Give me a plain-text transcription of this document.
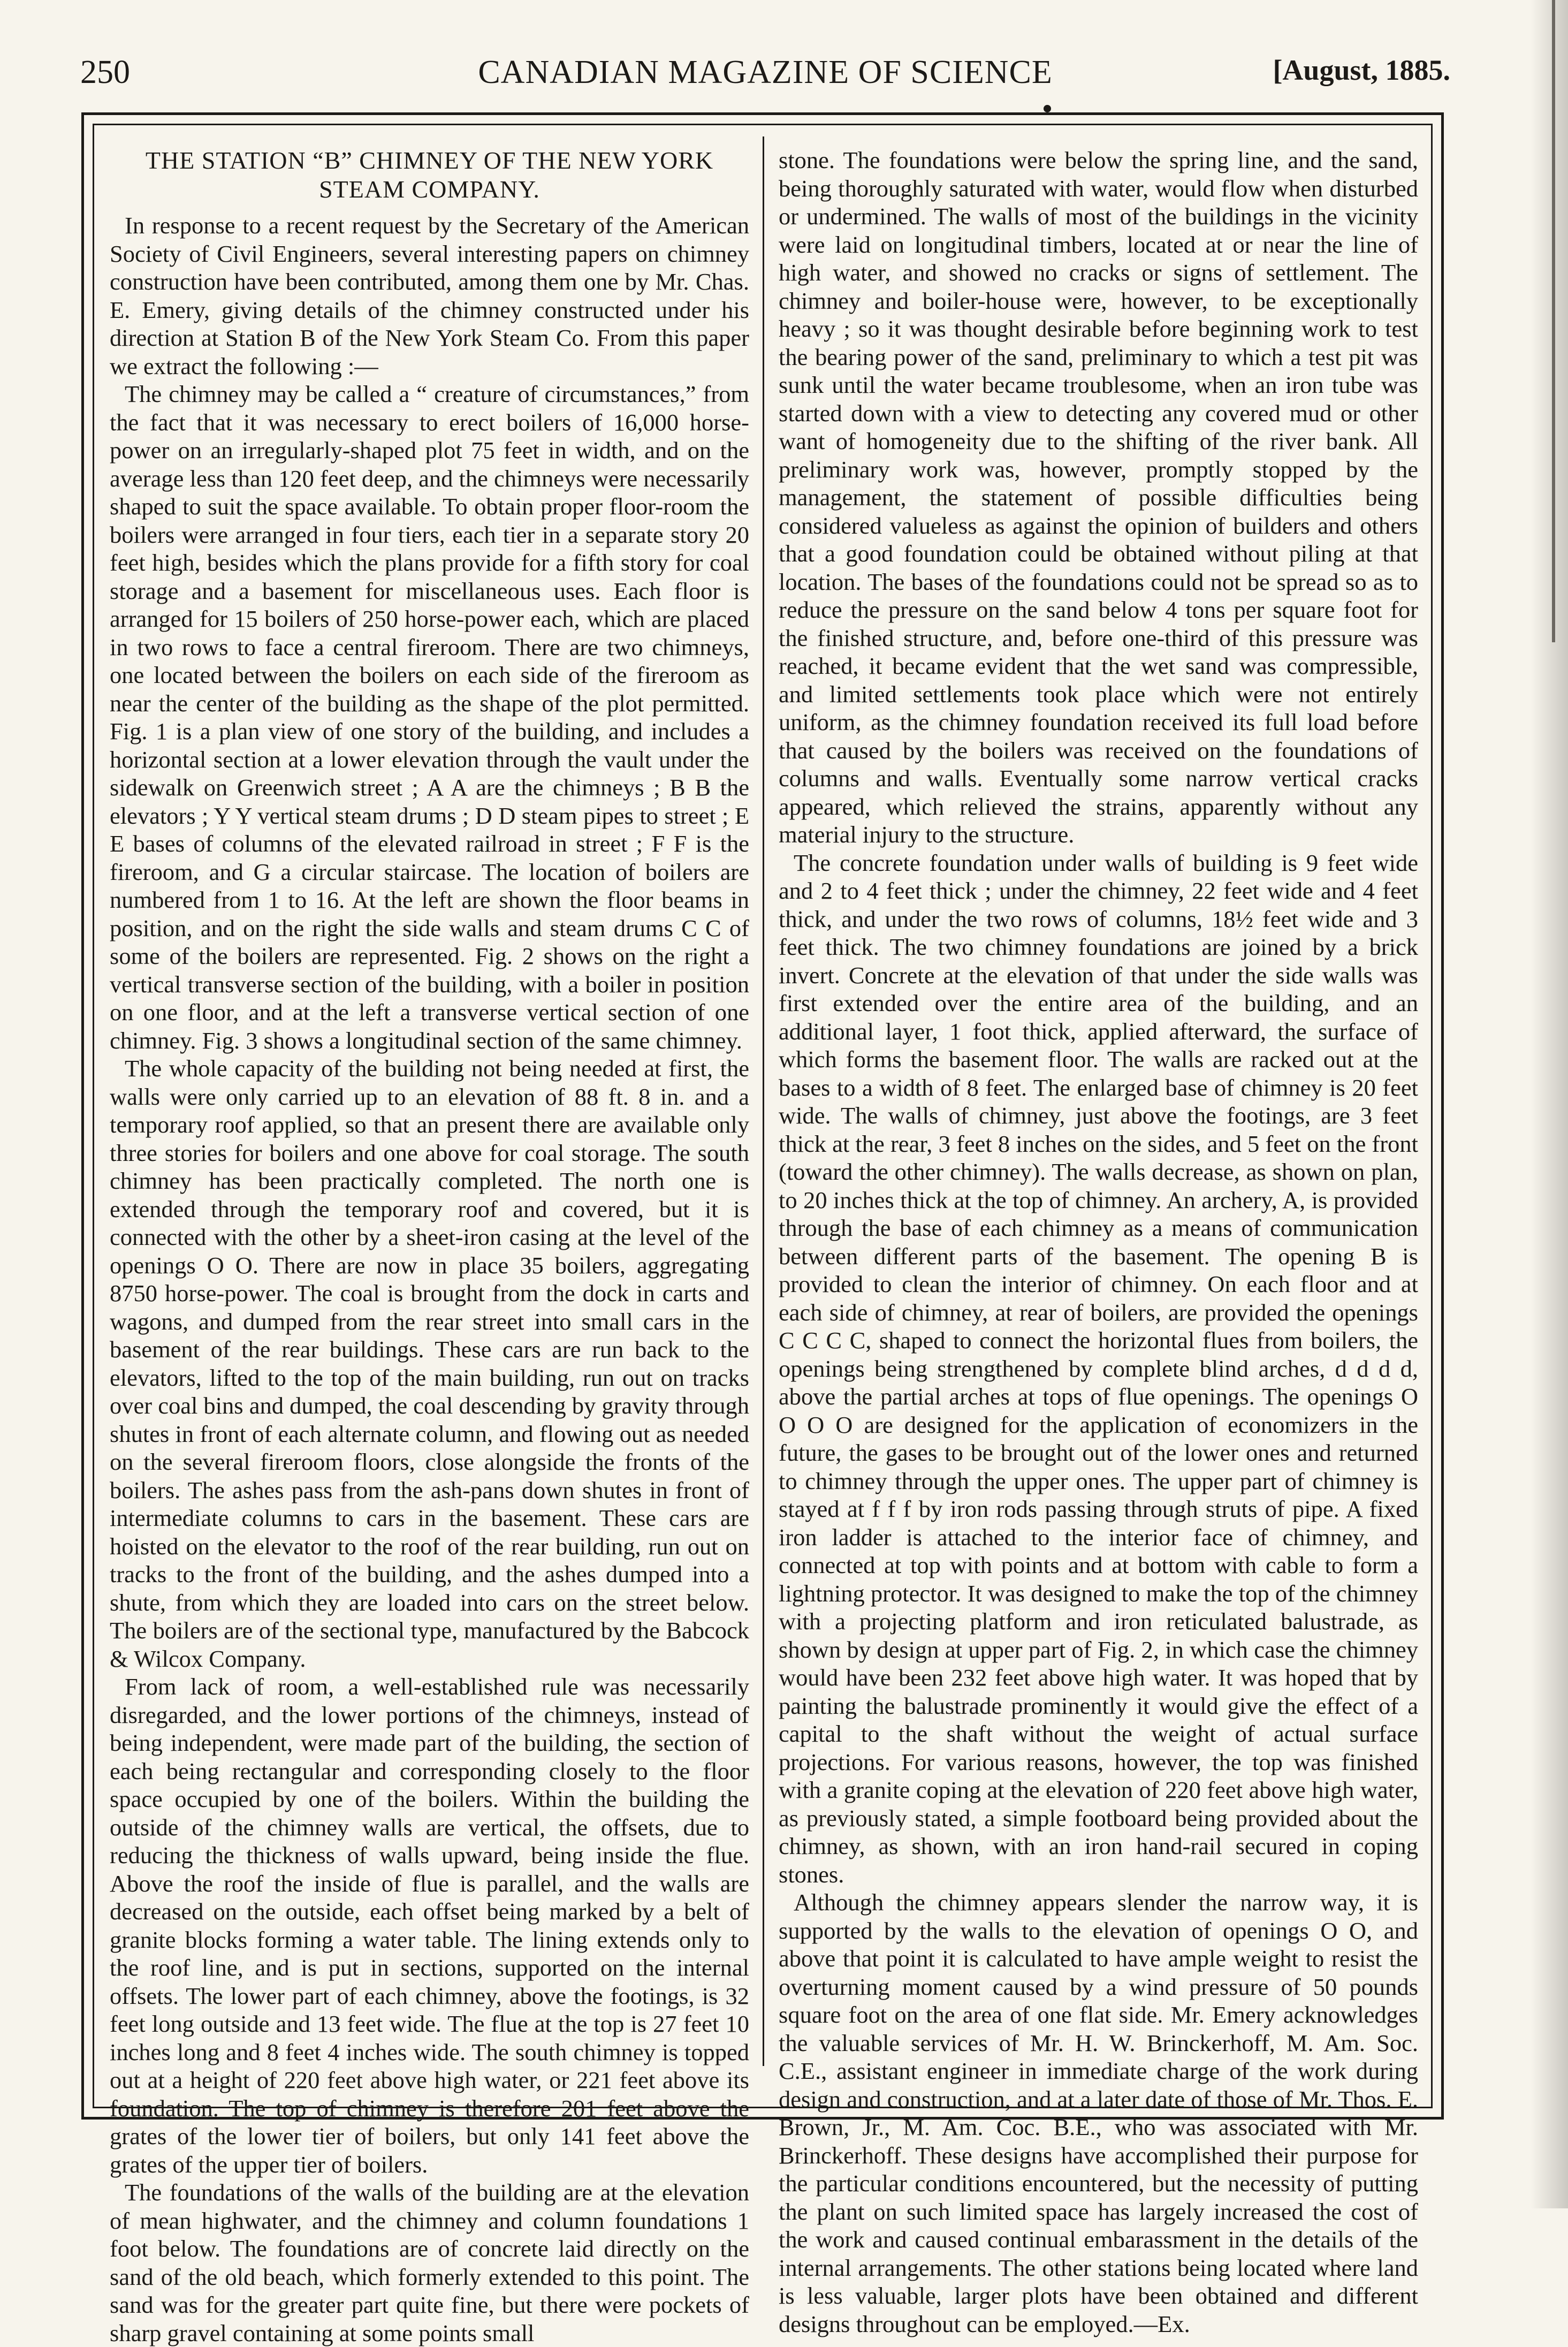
250	CANADIAN MAGAZINE OF SCIENCE	[August, 1885.
THE STATION “B” CHIMNEY OF THE NEW YORK STEAM COMPANY.

In response to a recent request by the Secretary of the American Society of Civil Engineers, several interesting papers on chimney construction have been contributed, among them one by Mr. Chas. E. Emery, giving details of the chimney constructed under his direction at Station B of the New York Steam Co. From this paper we extract the following :—

The chimney may be called a “ creature of circumstances,” from the fact that it was necessary to erect boilers of 16,000 horse-power on an irregularly-shaped plot 75 feet in width, and on the average less than 120 feet deep, and the chimneys were necessarily shaped to suit the space available. To obtain proper floor-room the boilers were arranged in four tiers, each tier in a separate story 20 feet high, besides which the plans provide for a fifth story for coal storage and a basement for miscellaneous uses. Each floor is arranged for 15 boilers of 250 horse-power each, which are placed in two rows to face a central fireroom. There are two chimneys, one located between the boilers on each side of the fireroom as near the center of the building as the shape of the plot permitted. Fig. 1 is a plan view of one story of the building, and includes a horizontal section at a lower elevation through the vault under the sidewalk on Greenwich street ; A A are the chimneys ; B B the elevators ; Y Y vertical steam drums ; D D steam pipes to street ; E E bases of columns of the elevated railroad in street ; F F is the fireroom, and G a circular staircase. The location of boilers are numbered from 1 to 16. At the left are shown the floor beams in position, and on the right the side walls and steam drums C C of some of the boilers are represented. Fig. 2 shows on the right a vertical transverse section of the building, with a boiler in position on one floor, and at the left a transverse vertical section of one chimney. Fig. 3 shows a longitudinal section of the same chimney.

The whole capacity of the building not being needed at first, the walls were only carried up to an elevation of 88 ft. 8 in. and a temporary roof applied, so that an present there are available only three stories for boilers and one above for coal storage. The south chimney has been practically completed. The north one is extended through the temporary roof and covered, but it is connected with the other by a sheet-iron casing at the level of the openings O O. There are now in place 35 boilers, aggregating 8750 horse-power. The coal is brought from the dock in carts and wagons, and dumped from the rear street into small cars in the basement of the rear buildings. These cars are run back to the elevators, lifted to the top of the main building, run out on tracks over coal bins and dumped, the coal descending by gravity through shutes in front of each alternate column, and flowing out as needed on the several fireroom floors, close alongside the fronts of the boilers. The ashes pass from the ash-pans down shutes in front of intermediate columns to cars in the basement. These cars are hoisted on the elevator to the roof of the rear building, run out on tracks to the front of the building, and the ashes dumped into a shute, from which they are loaded into cars on the street below. The boilers are of the sectional type, manufactured by the Babcock & Wilcox Company.

From lack of room, a well-established rule was necessarily disregarded, and the lower portions of the chimneys, instead of being independent, were made part of the building, the section of each being rectangular and corresponding closely to the floor space occupied by one of the boilers. Within the building the outside of the chimney walls are vertical, the offsets, due to reducing the thickness of walls upward, being inside the flue. Above the roof the inside of flue is parallel, and the walls are decreased on the outside, each offset being marked by a belt of granite blocks forming a water table. The lining extends only to the roof line, and is put in sections, supported on the internal offsets. The lower part of each chimney, above the footings, is 32 feet long outside and 13 feet wide. The flue at the top is 27 feet 10 inches long and 8 feet 4 inches wide. The south chimney is topped out at a height of 220 feet above high water, or 221 feet above its foundation. The top of chimney is therefore 201 feet above the grates of the lower tier of boilers, but only 141 feet above the grates of the upper tier of boilers.

The foundations of the walls of the building are at the elevation of mean highwater, and the chimney and column foundations 1 foot below. The foundations are of concrete laid directly on the sand of the old beach, which formerly extended to this point. The sand was for the greater part quite fine, but there were pockets of sharp gravel containing at some points small

stone. The foundations were below the spring line, and the sand, being thoroughly saturated with water, would flow when disturbed or undermined. The walls of most of the buildings in the vicinity were laid on longitudinal timbers, located at or near the line of high water, and showed no cracks or signs of settlement. The chimney and boiler-house were, however, to be exceptionally heavy ; so it was thought desirable before beginning work to test the bearing power of the sand, preliminary to which a test pit was sunk until the water became troublesome, when an iron tube was started down with a view to detecting any covered mud or other want of homogeneity due to the shifting of the river bank. All preliminary work was, however, promptly stopped by the management, the statement of possible difficulties being considered valueless as against the opinion of builders and others that a good foundation could be obtained without piling at that location. The bases of the foundations could not be spread so as to reduce the pressure on the sand below 4 tons per square foot for the finished structure, and, before one-third of this pressure was reached, it became evident that the wet sand was compressible, and limited settlements took place which were not entirely uniform, as the chimney foundation received its full load before that caused by the boilers was received on the foundations of columns and walls. Eventually some narrow vertical cracks appeared, which relieved the strains, apparently without any material injury to the structure.

The concrete foundation under walls of building is 9 feet wide and 2 to 4 feet thick ; under the chimney, 22 feet wide and 4 feet thick, and under the two rows of columns, 18½ feet wide and 3 feet thick. The two chimney foundations are joined by a brick invert. Concrete at the elevation of that under the side walls was first extended over the entire area of the building, and an additional layer, 1 foot thick, applied afterward, the surface of which forms the basement floor. The walls are racked out at the bases to a width of 8 feet. The enlarged base of chimney is 20 feet wide. The walls of chimney, just above the footings, are 3 feet thick at the rear, 3 feet 8 inches on the sides, and 5 feet on the front (toward the other chimney). The walls decrease, as shown on plan, to 20 inches thick at the top of chimney. An archery, A, is provided through the base of each chimney as a means of communication between different parts of the basement. The opening B is provided to clean the interior of chimney. On each floor and at each side of chimney, at rear of boilers, are provided the openings C C C C, shaped to connect the horizontal flues from boilers, the openings being strengthened by complete blind arches, d d d d, above the partial arches at tops of flue openings. The openings O O O O are designed for the application of economizers in the future, the gases to be brought out of the lower ones and returned to chimney through the upper ones. The upper part of chimney is stayed at f f f by iron rods passing through struts of pipe. A fixed iron ladder is attached to the interior face of chimney, and connected at top with points and at bottom with cable to form a lightning protector. It was designed to make the top of the chimney with a projecting platform and iron reticulated balustrade, as shown by design at upper part of Fig. 2, in which case the chimney would have been 232 feet above high water. It was hoped that by painting the balustrade prominently it would give the effect of a capital to the shaft without the weight of actual surface projections. For various reasons, however, the top was finished with a granite coping at the elevation of 220 feet above high water, as previously stated, a simple footboard being provided about the chimney, as shown, with an iron hand-rail secured in coping stones.

Although the chimney appears slender the narrow way, it is supported by the walls to the elevation of openings O O, and above that point it is calculated to have ample weight to resist the overturning moment caused by a wind pressure of 50 pounds square foot on the area of one flat side. Mr. Emery acknowledges the valuable services of Mr. H. W. Brinckerhoff, M. Am. Soc. C.E., assistant engineer in immediate charge of the work during design and construction, and at a later date of those of Mr. Thos. E. Brown, Jr., M. Am. Coc. B.E., who was associated with Mr. Brinckerhoff. These designs have accomplished their purpose for the particular conditions encountered, but the necessity of putting the plant on such limited space has largely increased the cost of the work and caused continual embarassment in the details of the internal arrangements. The other stations being located where land is less valuable, larger plots have been obtained and different designs throughout can be employed.—Ex.
